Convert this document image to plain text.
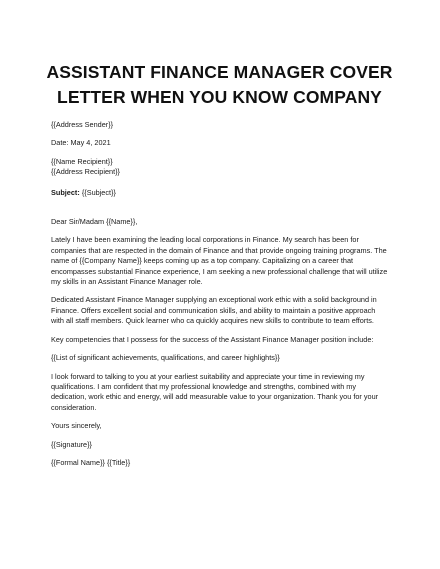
ASSISTANT FINANCE MANAGER COVER
LETTER WHEN YOU KNOW COMPANY

{{Address Sender}}

Date: May 4, 2021

{{Name Recipient}}

{{Address Recipient}}

Subject: {{Subject}}

Dear Sir/Madam {{Name}},

Lately I have been examining the leading local corporations in Finance. My search has been for

companies that are respected in the domain of Finance and that provide ongoing training programs. The

name of {{Company Name}} keeps coming up as a top company. Capitalizing on a career that

encompasses substantial Finance experience, I am seeking a new professional challenge that will utilize

my skills in an Assistant Finance Manager role.

Dedicated Assistant Finance Manager supplying an exceptional work ethic with a solid background in

Finance. Offers excellent social and communication skills, and ability to maintain a positive approach

with all staff members. Quick learner who ca quickly acquires new skills to contribute to team efforts.

Key competencies that I possess for the success of the Assistant Finance Manager position include:

{{List of significant achievements, qualifications, and career highlights}}

I look forward to talking to you at your earliest suitability and appreciate your time in reviewing my

qualifications. I am confident that my professional knowledge and strengths, combined with my

dedication, work ethic and energy, will add measurable value to your organization. Thank you for your

consideration.

Yours sincerely,

{{Signature}}

{{Formal Name}} {{Title}}
